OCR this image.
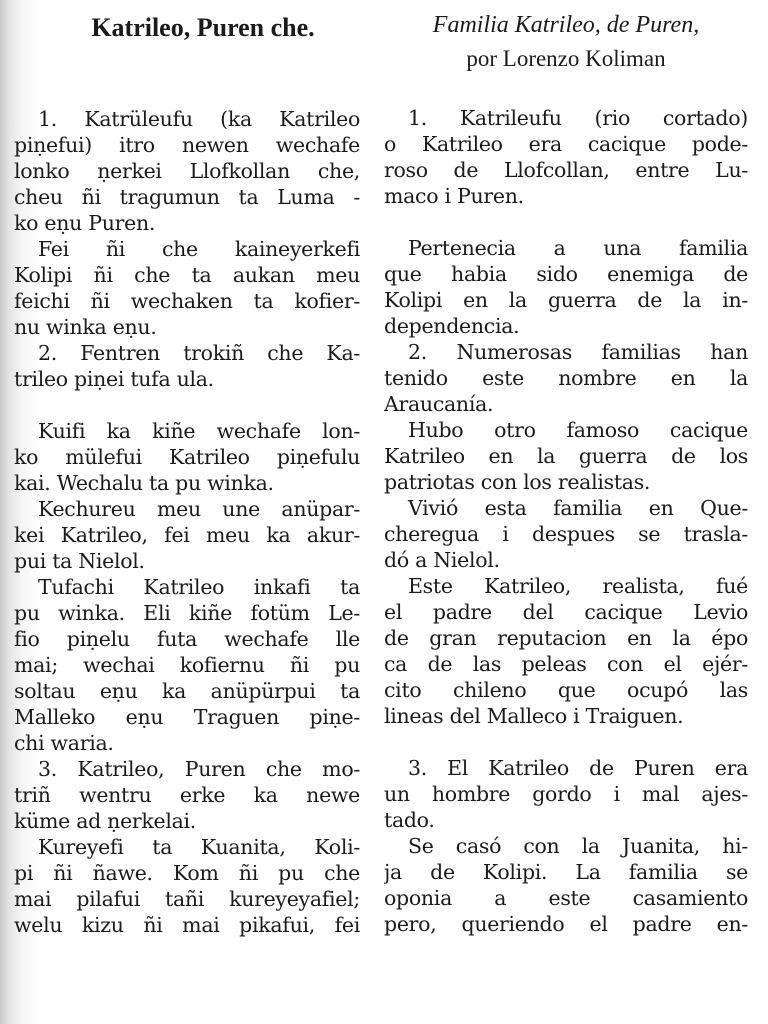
Katrileo, Puren che.
1. Katrüleufu (ka Katrileo
piṇefui) itro newen wechafe
lonko ṇerkei Llofkollan che,
cheu ñi tragumun ta Luma -
ko eṇu Puren.
Fei ñi che kaineyerkefi
Kolipi ñi che ta aukan meu
feichi ñi wechaken ta kofier-
nu winka eṇu.
2. Fentren trokiñ che Ka-
trileo piṇei tufa ula.
Kuifi ka kiñe wechafe lon-
ko mülefui Katrileo piṇefulu
kai. Wechalu ta pu winka.
Kechureu meu une anüpar-
kei Katrileo, fei meu ka akur-
pui ta Nielol.
Tufachi Katrileo inkafi ta
pu winka. Eli kiñe fotüm Le-
fio piṇelu futa wechafe lle
mai; wechai kofiernu ñi pu
soltau eṇu ka anüpürpui ta
Malleko eṇu Traguen piṇe-
chi waria.
3. Katrileo, Puren che mo-
triñ wentru erke ka newe
küme ad ṇerkelai.
Kureyefi ta Kuanita, Koli-
pi ñi ñawe. Kom ñi pu che
mai pilafui tañi kureyeyafiel;
welu kizu ñi mai pikafui, fei
Familia Katrileo, de Puren,
por Lorenzo Koliman
1. Katrileufu (rio cortado)
o Katrileo era cacique pode-
roso de Llofcollan, entre Lu-
maco i Puren.
Pertenecia a una familia
que habia sido enemiga de
Kolipi en la guerra de la in-
dependencia.
2. Numerosas familias han
tenido este nombre en la
Araucanía.
Hubo otro famoso cacique
Katrileo en la guerra de los
patriotas con los realistas.
Vivió esta familia en Que-
cheregua i despues se trasla-
dó a Nielol.
Este Katrileo, realista, fué
el padre del cacique Levio
de gran reputacion en la épo
ca de las peleas con el ejér-
cito chileno que ocupó las
lineas del Malleco i Traiguen.
3. El Katrileo de Puren era
un hombre gordo i mal ajes-
tado.
Se casó con la Juanita, hi-
ja de Kolipi. La familia se
oponia a este casamiento
pero, queriendo el padre en-
